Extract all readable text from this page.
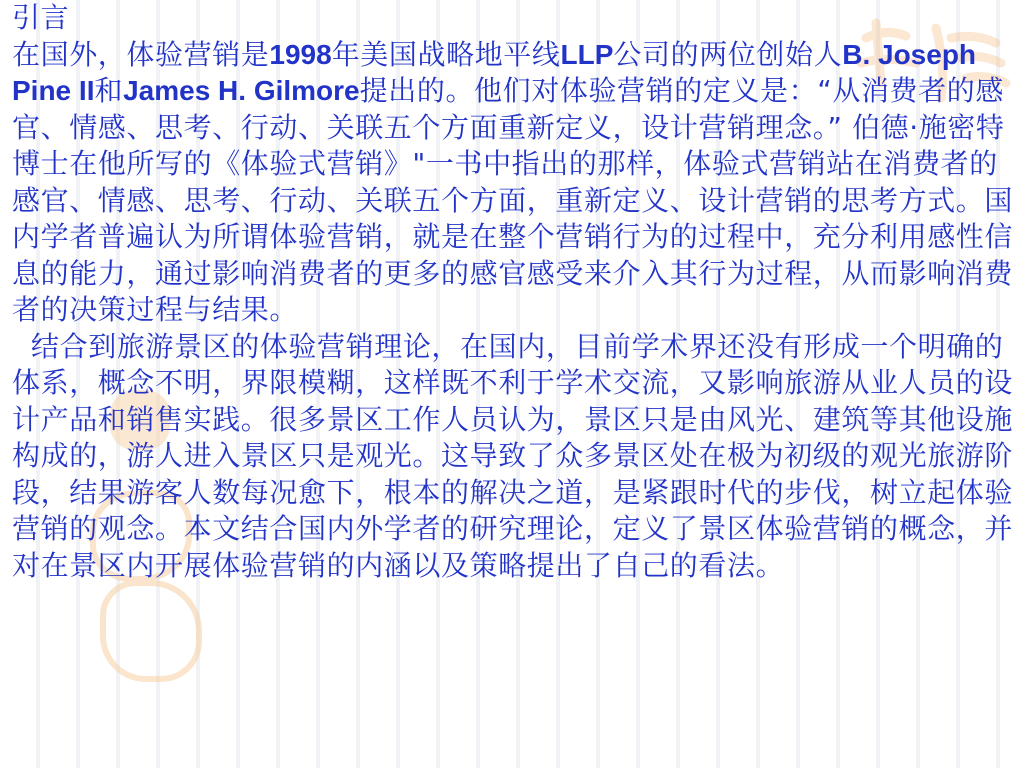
引言

在国外，体验营销是1998年美国战略地平线LLP公司的两位创始人B. Joseph Pine II和James H. Gilmore提出的。他们对体验营销的定义是：“从消费者的感官、情感、思考、行动、关联五个方面重新定义，设计营销理念。” 伯德·施密特博士在他所写的《体验式营销》"一书中指出的那样，体验式营销站在消费者的感官、情感、思考、行动、关联五个方面，重新定义、设计营销的思考方式。国内学者普遍认为所谓体验营销，就是在整个营销行为的过程中，充分利用感性信息的能力，通过影响消费者的更多的感官感受来介入其行为过程，从而影响消费者的决策过程与结果。

结合到旅游景区的体验营销理论，在国内，目前学术界还没有形成一个明确的体系，概念不明，界限模糊，这样既不利于学术交流，又影响旅游从业人员的设计产品和销售实践。很多景区工作人员认为，景区只是由风光、建筑等其他设施构成的，游人进入景区只是观光。这导致了众多景区处在极为初级的观光旅游阶段，结果游客人数每况愈下，根本的解决之道，是紧跟时代的步伐，树立起体验营销的观念。本文结合国内外学者的研究理论，定义了景区体验营销的概念，并对在景区内开展体验营销的内涵以及策略提出了自己的看法。
